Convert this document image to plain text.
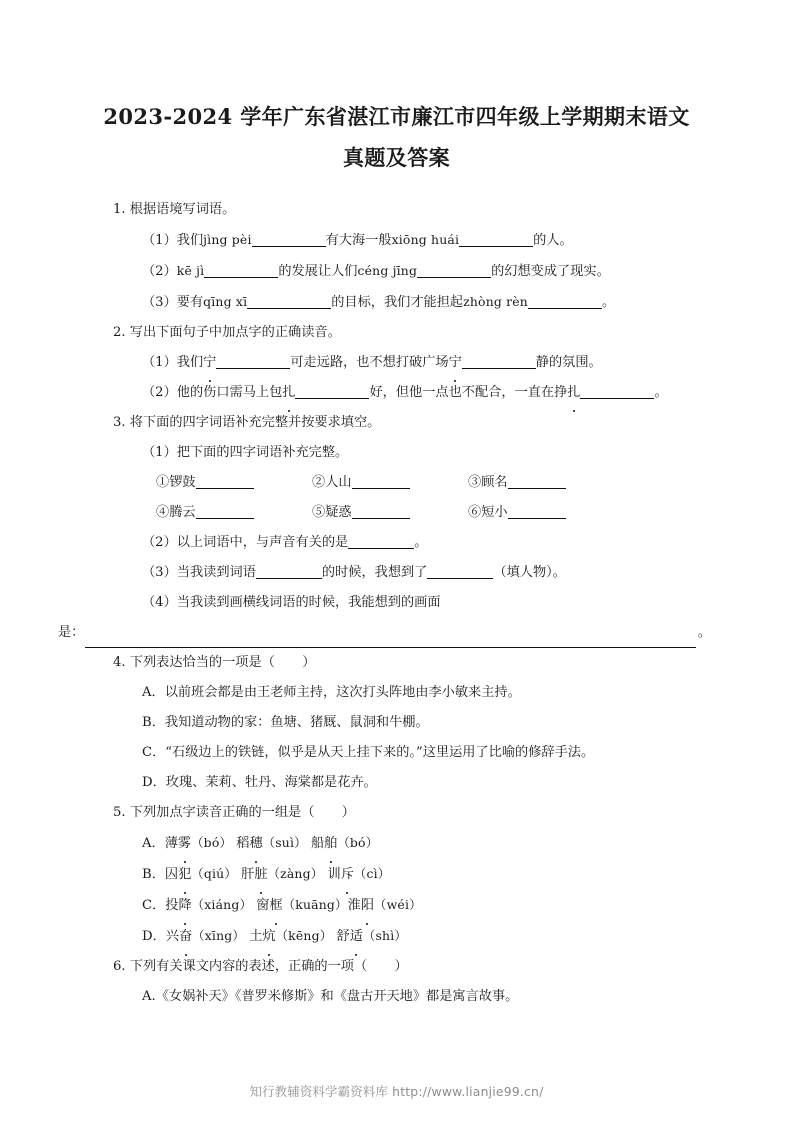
2023-2024 学年广东省湛江市廉江市四年级上学期期末语文
真题及答案

1. 根据语境写词语。

（1）我们jìng pèi	有大海一般xiōng huái	的人。

（2）kē jì	的发展让人们céng jīng	的幻想变成了现实。

（3）要有qīng xī	的目标，我们才能担起zhòng rèn	。

2. 写出下面句子中加点字的正确读音。

（1）我们宁	可走远路，也不想打破广场宁	静的氛围。

（2）他的伤口需马上包扎	好，但他一点也不配合，一直在挣扎	。

3. 将下面的四字词语补充完整并按要求填空。

（1）把下面的四字词语补充完整。

①锣鼓	②人山	③顾名
④腾云	⑤疑惑	⑥短小

（2）以上词语中，与声音有关的是	。

（3）当我读到词语	的时候，我想到了	（填人物）。

（4）当我读到画横线词语的时候，我能想到的画面

是：	。

4. 下列表达恰当的一项是（　　 ）

A．以前班会都是由王老师主持，这次打头阵地由李小敏来主持。

B．我知道动物的家：鱼塘、猪厩、鼠洞和牛棚。

C．“石级边上的铁链，似乎是从天上挂下来的。”这里运用了比喻的修辞手法。

D．玫瑰、茉莉、牡丹、海棠都是花卉。

5. 下列加点字读音正确的一组是（　　 ）

A．薄雾（bó） 稻穗（suì） 船舶（bó）

B．囚犯（qiú） 肝脏（zàng） 训斥（cì）

C．投降（xiáng） 窗框（kuāng）淮阳（wéi）

D．兴奋（xīng） 土炕（kēng） 舒适（shì）

6. 下列有关课文内容的表述，正确的一项（　　 ）

A.《女娲补天》《普罗米修斯》和《盘古开天地》都是寓言故事。

知行教辅资料学霸资料库 http://www.lianjie99.cn/
